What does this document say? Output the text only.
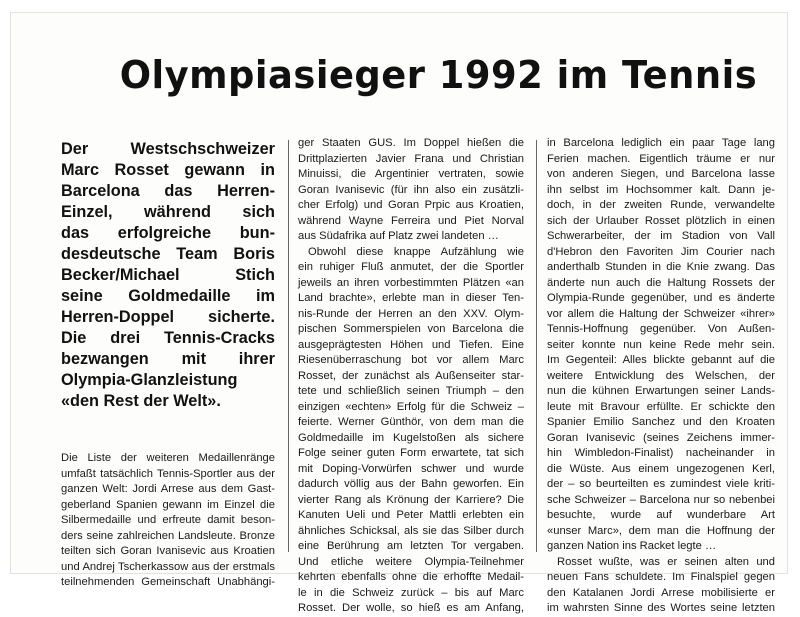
Olympiasieger 1992 im Tennis
Der Westschschweizer
Marc Rosset gewann in
Barcelona das Herren-
Einzel, während sich
das erfolgreiche bun-
desdeutsche Team Boris
Becker/Michael Stich
seine Goldmedaille im
Herren-Doppel sicherte.
Die drei Tennis-Cracks
bezwangen mit ihrer
Olympia-Glanzleistung
«den Rest der Welt».
Die Liste der weiteren Medaillenränge
umfaßt tatsächlich Tennis-Sportler aus der
ganzen Welt: Jordi Arrese aus dem Gast-
geberland Spanien gewann im Einzel die
Silbermedaille und erfreute damit beson-
ders seine zahlreichen Landsleute. Bronze
teilten sich Goran Ivanisevic aus Kroatien
und Andrej Tscherkassow aus der erstmals
teilnehmenden Gemeinschaft Unabhängi-
ger Staaten GUS. Im Doppel hießen die
Drittplazierten Javier Frana und Christian
Minuissi, die Argentinier vertraten, sowie
Goran Ivanisevic (für ihn also ein zusätzli-
cher Erfolg) und Goran Prpic aus Kroatien,
während Wayne Ferreira und Piet Norval
aus Südafrika auf Platz zwei landeten …
Obwohl diese knappe Aufzählung wie
ein ruhiger Fluß anmutet, der die Sportler
jeweils an ihren vorbestimmten Plätzen «an
Land brachte», erlebte man in dieser Ten-
nis-Runde der Herren an den XXV. Olym-
pischen Sommerspielen von Barcelona die
ausgeprägtesten Höhen und Tiefen. Eine
Riesenüberraschung bot vor allem Marc
Rosset, der zunächst als Außenseiter star-
tete und schließlich seinen Triumph – den
einzigen «echten» Erfolg für die Schweiz –
feierte. Werner Günthör, von dem man die
Goldmedaille im Kugelstoßen als sichere
Folge seiner guten Form erwartete, tat sich
mit Doping-Vorwürfen schwer und wurde
dadurch völlig aus der Bahn geworfen. Ein
vierter Rang als Krönung der Karriere? Die
Kanuten Ueli und Peter Mattli erlebten ein
ähnliches Schicksal, als sie das Silber durch
eine Berührung am letzten Tor vergaben.
Und etliche weitere Olympia-Teilnehmer
kehrten ebenfalls ohne die erhoffte Medail-
le in die Schweiz zurück – bis auf Marc
Rosset. Der wolle, so hieß es am Anfang,
in Barcelona lediglich ein paar Tage lang
Ferien machen. Eigentlich träume er nur
von anderen Siegen, und Barcelona lasse
ihn selbst im Hochsommer kalt. Dann je-
doch, in der zweiten Runde, verwandelte
sich der Urlauber Rosset plötzlich in einen
Schwerarbeiter, der im Stadion von Vall
d'Hebron den Favoriten Jim Courier nach
anderthalb Stunden in die Knie zwang. Das
änderte nun auch die Haltung Rossets der
Olympia-Runde gegenüber, und es änderte
vor allem die Haltung der Schweizer «ihrer»
Tennis-Hoffnung gegenüber. Von Außen-
seiter konnte nun keine Rede mehr sein.
Im Gegenteil: Alles blickte gebannt auf die
weitere Entwicklung des Welschen, der
nun die kühnen Erwartungen seiner Lands-
leute mit Bravour erfüllte. Er schickte den
Spanier Emilio Sanchez und den Kroaten
Goran Ivanisevic (seines Zeichens immer-
hin Wimbledon-Finalist) nacheinander in
die Wüste. Aus einem ungezogenen Kerl,
der – so beurteilten es zumindest viele kriti-
sche Schweizer – Barcelona nur so nebenbei
besuchte, wurde auf wunderbare Art
«unser Marc», dem man die Hoffnung der
ganzen Nation ins Racket legte …
Rosset wußte, was er seinen alten und
neuen Fans schuldete. Im Finalspiel gegen
den Katalanen Jordi Arrese mobilisierte er
im wahrsten Sinne des Wortes seine letzten
